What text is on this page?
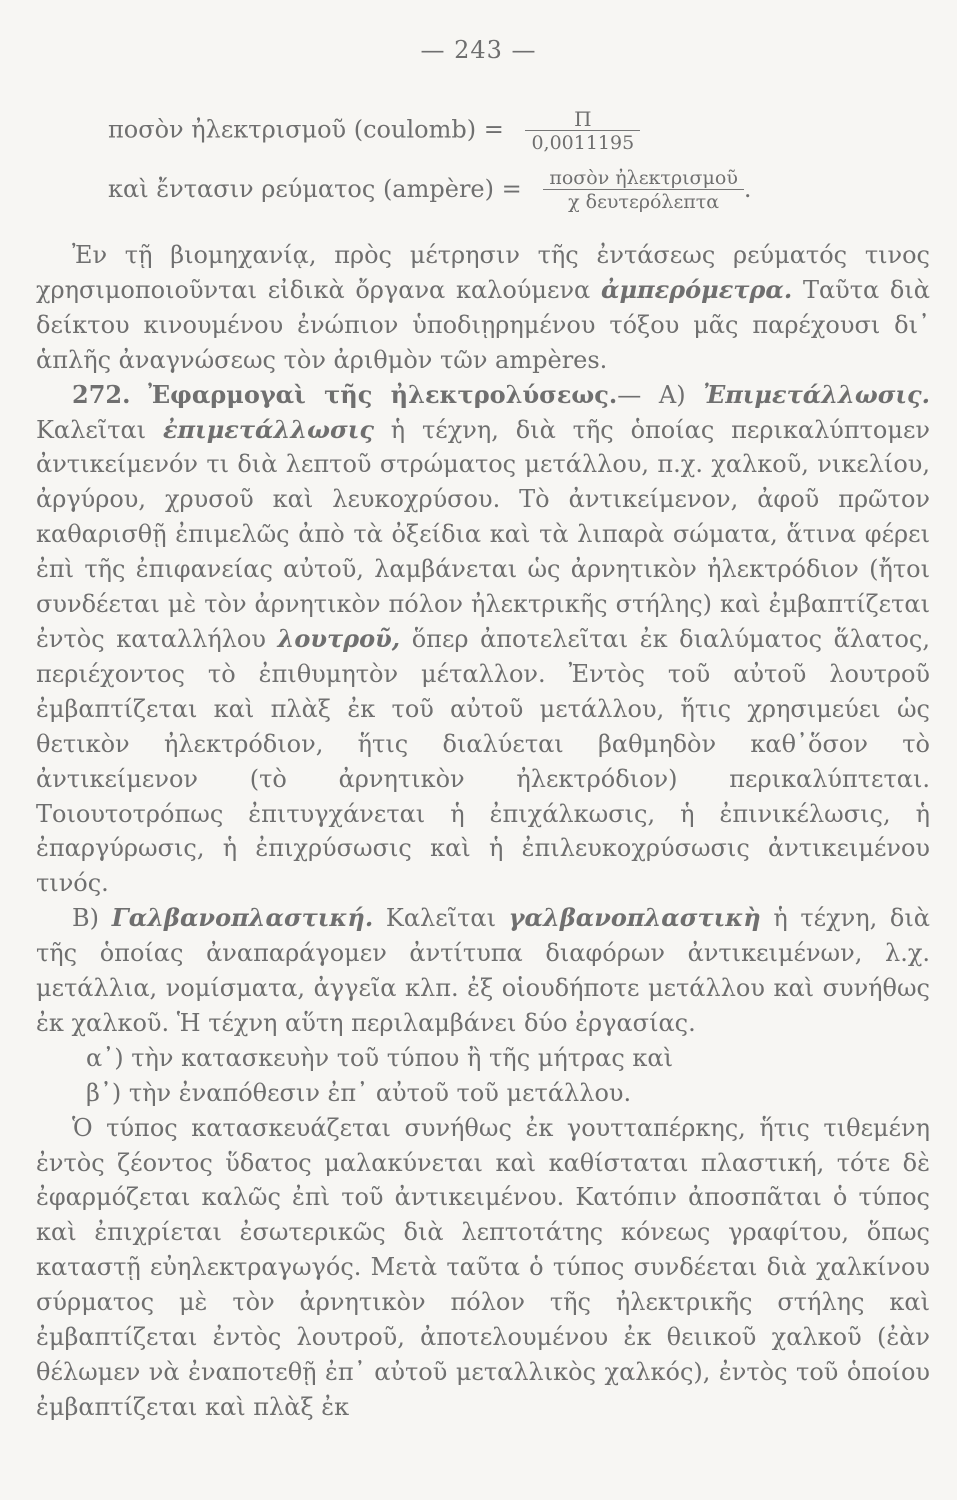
— 243 —
ποσὸν ἠλεκτρισμοῦ (coulomb) = $\frac{\Pi}{0,0011195}$
καὶ ἔντασιν ρεύματος (ampère) = $\frac{\text{ποσὸν ἠλεκτρισμοῦ}}{\text{χ δευτερόλεπτα}}$ .

Ἐν τῇ βιομηχανίᾳ, πρὸς μέτρησιν τῆς ἐντάσεως ρεύματός τινος χρησιμοποιοῦνται εἰδικὰ ὄργανα καλούμενα ἀμπερόμετρα. Ταῦτα διὰ δείκτου κινουμένου ἐνώπιον ὑποδιῃρημένου τόξου μᾶς παρέχουσι δι᾽ ἁπλῆς ἀναγνώσεως τὸν ἀριθμὸν τῶν ampères.

272. Ἐφαρμογαὶ τῆς ἠλεκτρολύσεως.— Α) Ἐπιμετάλλωσις. Καλεῖται ἐπιμετάλλωσις ἡ τέχνη, διὰ τῆς ὁποίας περικαλύπτομεν ἀντικείμενόν τι διὰ λεπτοῦ στρώματος μετάλλου, π.χ. χαλκοῦ, νικελίου, ἀργύρου, χρυσοῦ καὶ λευκοχρύσου. Τὸ ἀντικείμενον, ἀφοῦ πρῶτον καθαρισθῇ ἐπιμελῶς ἀπὸ τὰ ὀξείδια καὶ τὰ λιπαρὰ σώματα, ἅτινα φέρει ἐπὶ τῆς ἐπιφανείας αὐτοῦ, λαμβάνεται ὡς ἀρνητικὸν ἠλεκτρόδιον (ἤτοι συνδέεται μὲ τὸν ἀρνητικὸν πόλον ἠλεκτρικῆς στήλης) καὶ ἐμβαπτίζεται ἐντὸς καταλλήλου λουτροῦ, ὅπερ ἀποτελεῖται ἐκ διαλύματος ἅλατος, περιέχοντος τὸ ἐπιθυμητὸν μέταλλον. Ἐντὸς τοῦ αὐτοῦ λουτροῦ ἐμβαπτίζεται καὶ πλὰξ ἐκ τοῦ αὐτοῦ μετάλλου, ἥτις χρησιμεύει ὡς θετικὸν ἠλεκτρόδιον, ἥτις διαλύεται βαθμηδὸν καθ᾽ὅσον τὸ ἀντικείμενον (τὸ ἀρνητικὸν ἠλεκτρόδιον) περικαλύπτεται. Τοιουτοτρόπως ἐπιτυγχάνεται ἡ ἐπιχάλκωσις, ἡ ἐπινικέλωσις, ἡ ἐπαργύρωσις, ἡ ἐπιχρύσωσις καὶ ἡ ἐπιλευκοχρύσωσις ἀντικειμένου τινός.

Β) Γαλβανοπλαστική. Καλεῖται γαλβανοπλαστικὴ ἡ τέχνη, διὰ τῆς ὁποίας ἀναπαράγομεν ἀντίτυπα διαφόρων ἀντικειμένων, λ.χ. μετάλλια, νομίσματα, ἀγγεῖα κλπ. ἐξ οἱουδήποτε μετάλλου καὶ συνήθως ἐκ χαλκοῦ. Ἡ τέχνη αὕτη περιλαμβάνει δύο ἐργασίας.

α᾽) τὴν κατασκευὴν τοῦ τύπου ἢ τῆς μήτρας καὶ

β᾽) τὴν ἐναπόθεσιν ἐπ᾽ αὐτοῦ τοῦ μετάλλου.

Ὁ τύπος κατασκευάζεται συνήθως ἐκ γουτταπέρκης, ἥτις τιθεμένη ἐντὸς ζέοντος ὕδατος μαλακύνεται καὶ καθίσταται πλαστική, τότε δὲ ἐφαρμόζεται καλῶς ἐπὶ τοῦ ἀντικειμένου. Κατόπιν ἀποσπᾶται ὁ τύπος καὶ ἐπιχρίεται ἐσωτερικῶς διὰ λεπτοτάτης κόνεως γραφίτου, ὅπως καταστῇ εὐηλεκτραγωγός. Μετὰ ταῦτα ὁ τύπος συνδέεται διὰ χαλκίνου σύρματος μὲ τὸν ἀρνητικὸν πόλον τῆς ἠλεκτρικῆς στήλης καὶ ἐμβαπτίζεται ἐντὸς λουτροῦ, ἀποτελουμένου ἐκ θειικοῦ χαλκοῦ (ἐὰν θέλωμεν νὰ ἐναποτεθῇ ἐπ᾽ αὐτοῦ μεταλλικὸς χαλκός), ἐντὸς τοῦ ὁποίου ἐμβαπτίζεται καὶ πλὰξ ἐκ
